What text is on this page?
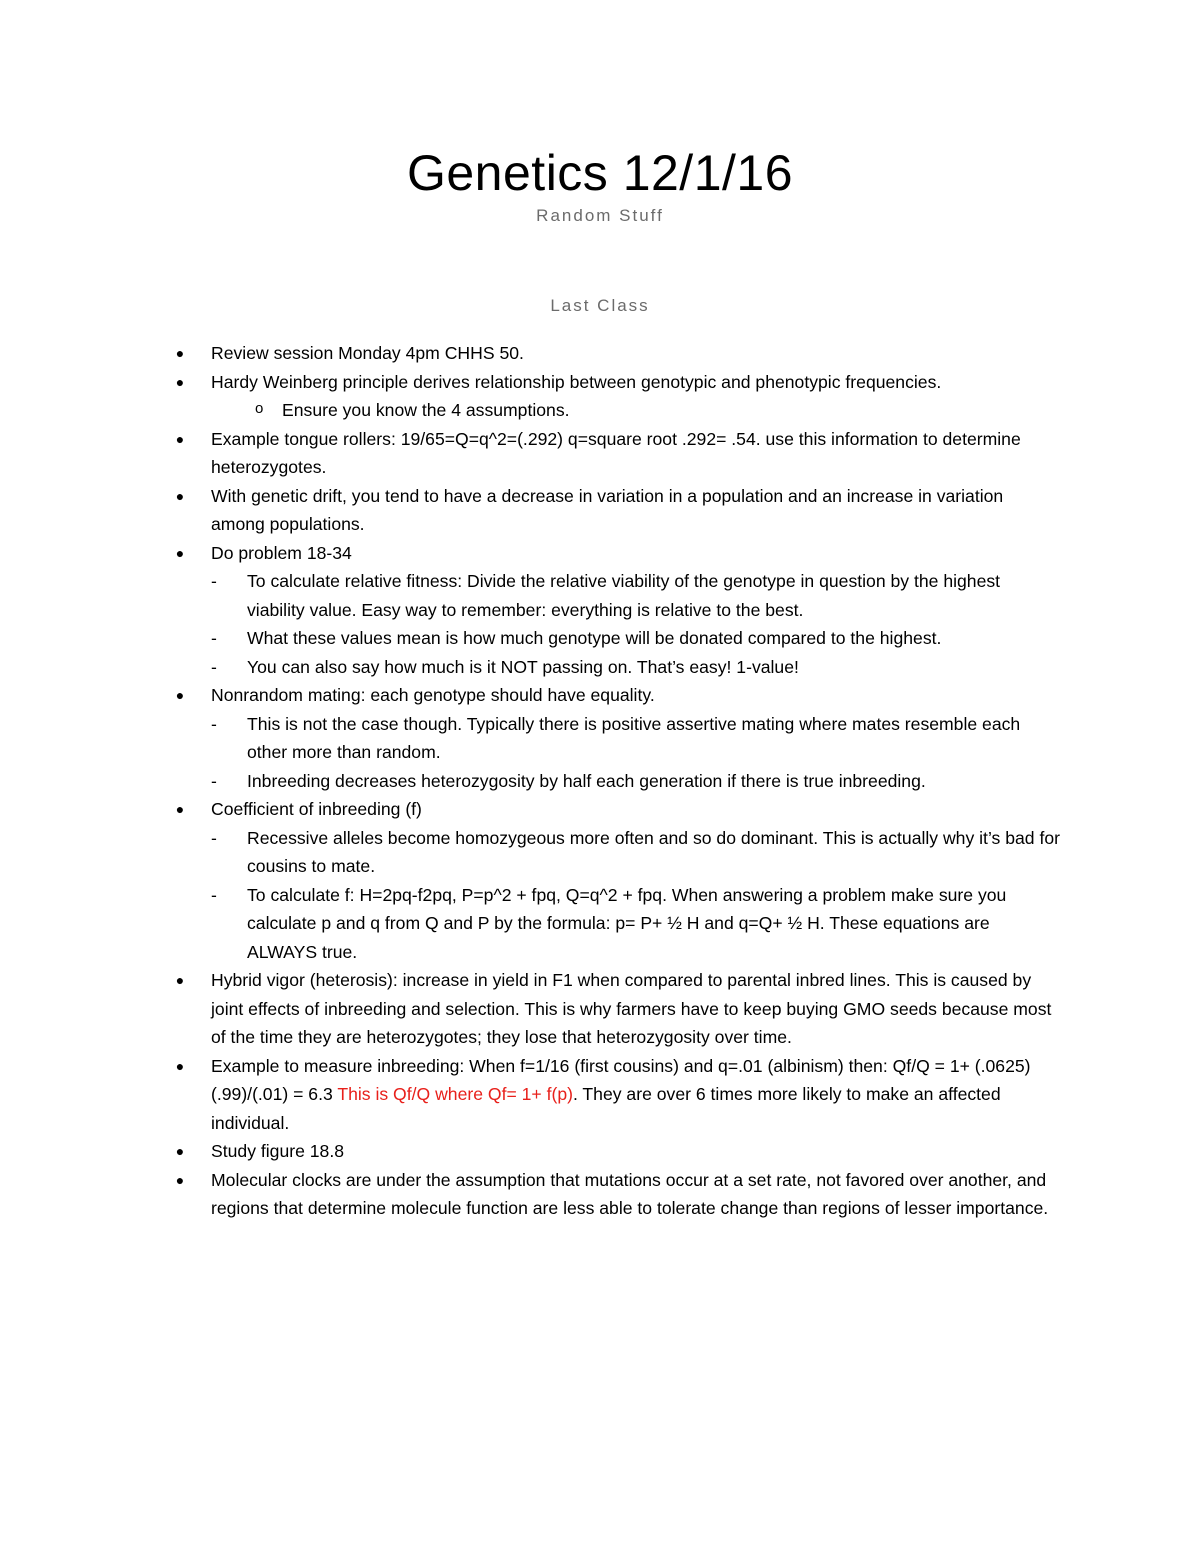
Genetics 12/1/16
Random Stuff
Last Class
● Review session Monday 4pm CHHS 50.
● Hardy Weinberg principle derives relationship between genotypic and phenotypic frequencies.
o Ensure you know the 4 assumptions.
● Example tongue rollers: 19/65=Q=q^2=(.292) q=square root .292= .54. use this information to determine heterozygotes.
● With genetic drift, you tend to have a decrease in variation in a population and an increase in variation among populations.
● Do problem 18-34
- To calculate relative fitness: Divide the relative viability of the genotype in question by the highest viability value. Easy way to remember: everything is relative to the best.
- What these values mean is how much genotype will be donated compared to the highest.
- You can also say how much is it NOT passing on. That’s easy! 1-value!
● Nonrandom mating: each genotype should have equality.
- This is not the case though. Typically there is positive assertive mating where mates resemble each other more than random.
- Inbreeding decreases heterozygosity by half each generation if there is true inbreeding.
● Coefficient of inbreeding (f)
- Recessive alleles become homozygeous more often and so do dominant. This is actually why it’s bad for cousins to mate.
- To calculate f: H=2pq-f2pq, P=p^2 + fpq, Q=q^2 + fpq. When answering a problem make sure you calculate p and q from Q and P by the formula: p= P+ ½ H and q=Q+ ½ H. These equations are ALWAYS true.
● Hybrid vigor (heterosis): increase in yield in F1 when compared to parental inbred lines. This is caused by joint effects of inbreeding and selection. This is why farmers have to keep buying GMO seeds because most of the time they are heterozygotes; they lose that heterozygosity over time.
● Example to measure inbreeding: When f=1/16 (first cousins) and q=.01 (albinism) then: Qf/Q = 1+ (.0625)(.99)/(.01) = 6.3 This is Qf/Q where Qf= 1+ f(p). They are over 6 times more likely to make an affected individual.
● Study figure 18.8
● Molecular clocks are under the assumption that mutations occur at a set rate, not favored over another, and regions that determine molecule function are less able to tolerate change than regions of lesser importance.
